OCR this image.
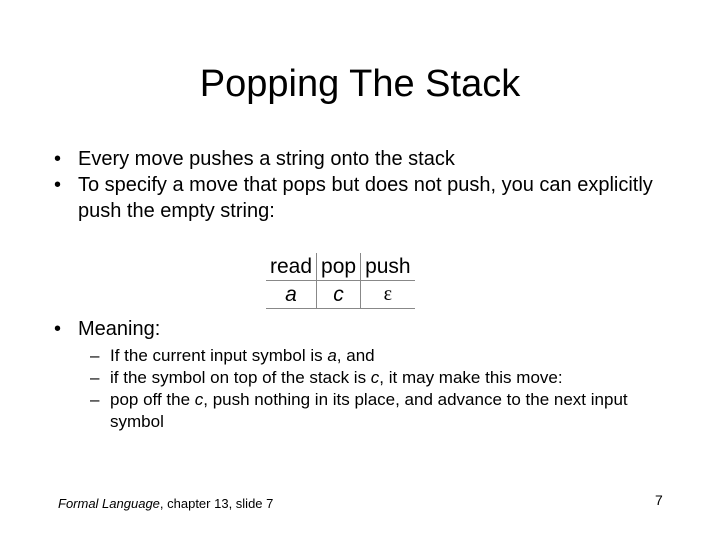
Popping The Stack
• Every move pushes a string onto the stack
• To specify a move that pops but does not push, you can explicitly push the empty string:
read	pop	push
a	c	ε
• Meaning:
– If the current input symbol is a, and
– if the symbol on top of the stack is c, it may make this move:
– pop off the c, push nothing in its place, and advance to the next input symbol
Formal Language, chapter 13, slide 7	7
